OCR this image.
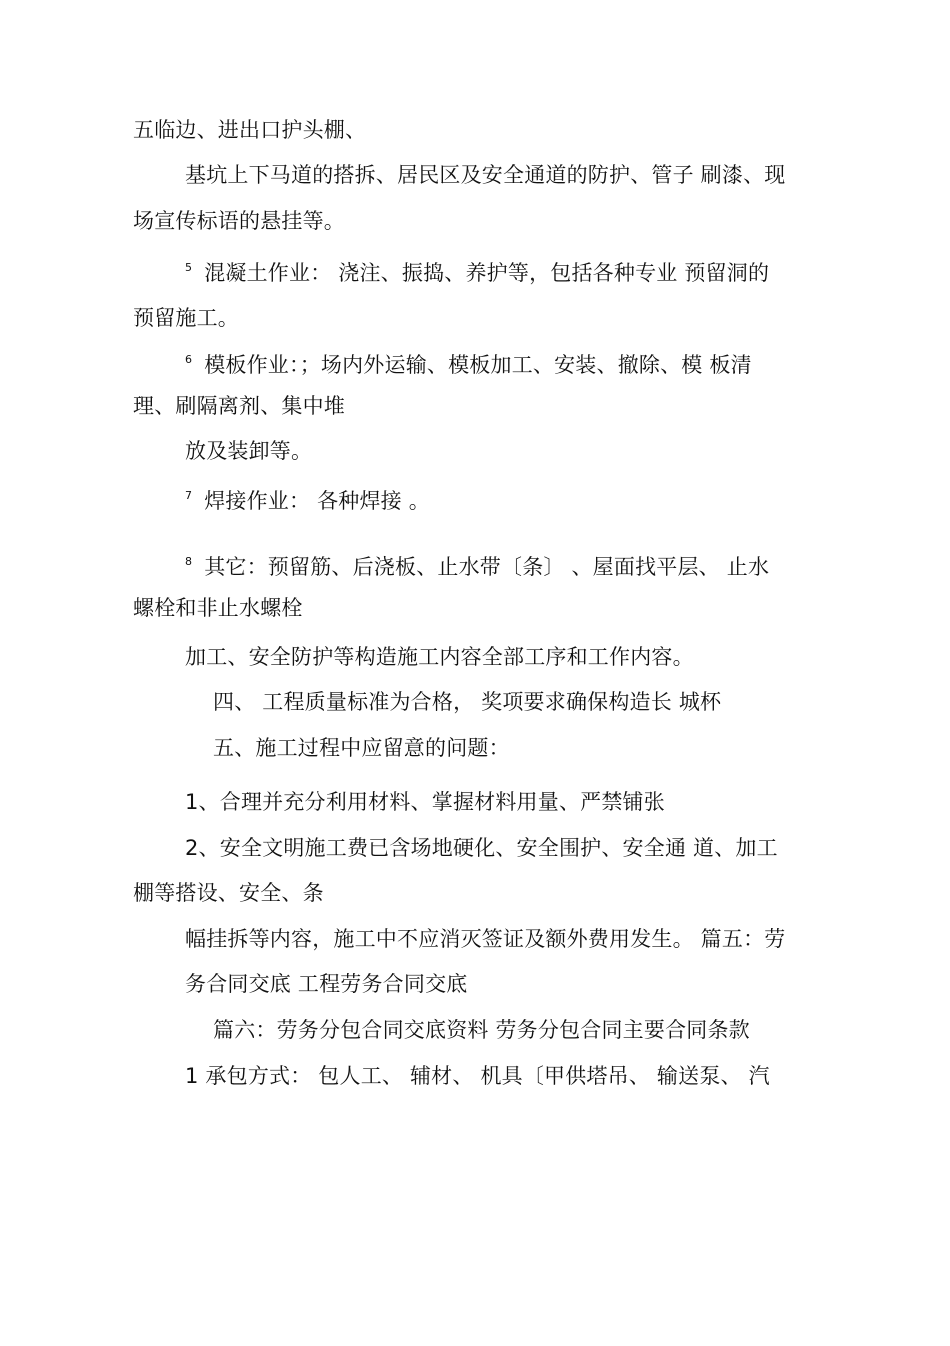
五临边、进出口护头棚、
基坑上下马道的搭拆、居民区及安全通道的防护、管子 刷漆、现
场宣传标语的悬挂等。
$^5$ 混凝土作业： 浇注、振捣、养护等，包括各种专业 预留洞的
预留施工。
$^6$ 模板作业：；场内外运输、模板加工、安装、撤除、模 板清
理、刷隔离剂、集中堆
放及装卸等。
$^7$ 焊接作业： 各种焊接 。
$^8$ 其它：预留筋、后浇板、止水带〔条〕 、屋面找平层、 止水
螺栓和非止水螺栓
加工、安全防护等构造施工内容全部工序和工作内容。
四、 工程质量标准为合格， 奖项要求确保构造长 城杯
五、施工过程中应留意的问题：
1、合理并充分利用材料、掌握材料用量、严禁铺张
2、安全文明施工费已含场地硬化、安全围护、安全通 道、加工
棚等搭设、安全、条
幅挂拆等内容，施工中不应消灭签证及额外费用发生。 篇五：劳
务合同交底 工程劳务合同交底
篇六：劳务分包合同交底资料 劳务分包合同主要合同条款
1 承包方式： 包人工、 辅材、 机具〔甲供塔吊、 输送泵、 汽
